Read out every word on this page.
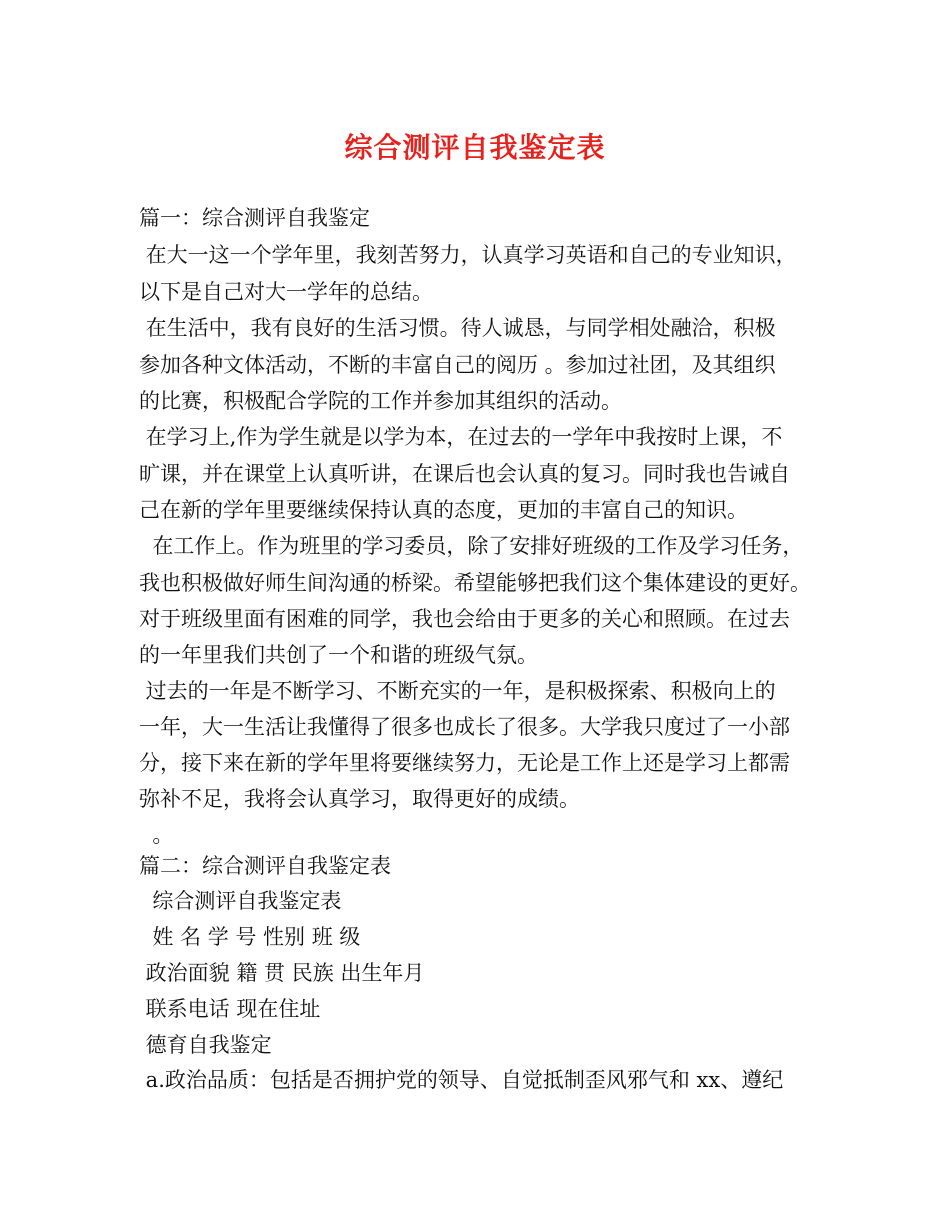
综合测评自我鉴定表
篇一：综合测评自我鉴定
在大一这一个学年里，我刻苦努力，认真学习英语和自己的专业知识，
以下是自己对大一学年的总结。
在生活中，我有良好的生活习惯。待人诚恳，与同学相处融洽，积极
参加各种文体活动，不断的丰富自己的阅历 。参加过社团，及其组织
的比赛，积极配合学院的工作并参加其组织的活动。
在学习上,作为学生就是以学为本，在过去的一学年中我按时上课，不
旷课，并在课堂上认真听讲，在课后也会认真的复习。同时我也告诫自
己在新的学年里要继续保持认真的态度，更加的丰富自己的知识。
在工作上。作为班里的学习委员，除了安排好班级的工作及学习任务，
我也积极做好师生间沟通的桥梁。希望能够把我们这个集体建设的更好。
对于班级里面有困难的同学，我也会给由于更多的关心和照顾。在过去
的一年里我们共创了一个和谐的班级气氛。
过去的一年是不断学习、不断充实的一年，是积极探索、积极向上的
一年，大一生活让我懂得了很多也成长了很多。大学我只度过了一小部
分，接下来在新的学年里将要继续努力，无论是工作上还是学习上都需
弥补不足，我将会认真学习，取得更好的成绩。
。
篇二：综合测评自我鉴定表
综合测评自我鉴定表
姓 名 学 号 性别 班 级
政治面貌 籍 贯 民族 出生年月
联系电话 现在住址
德育自我鉴定
a.政治品质：包括是否拥护党的领导、自觉抵制歪风邪气和 xx、遵纪
